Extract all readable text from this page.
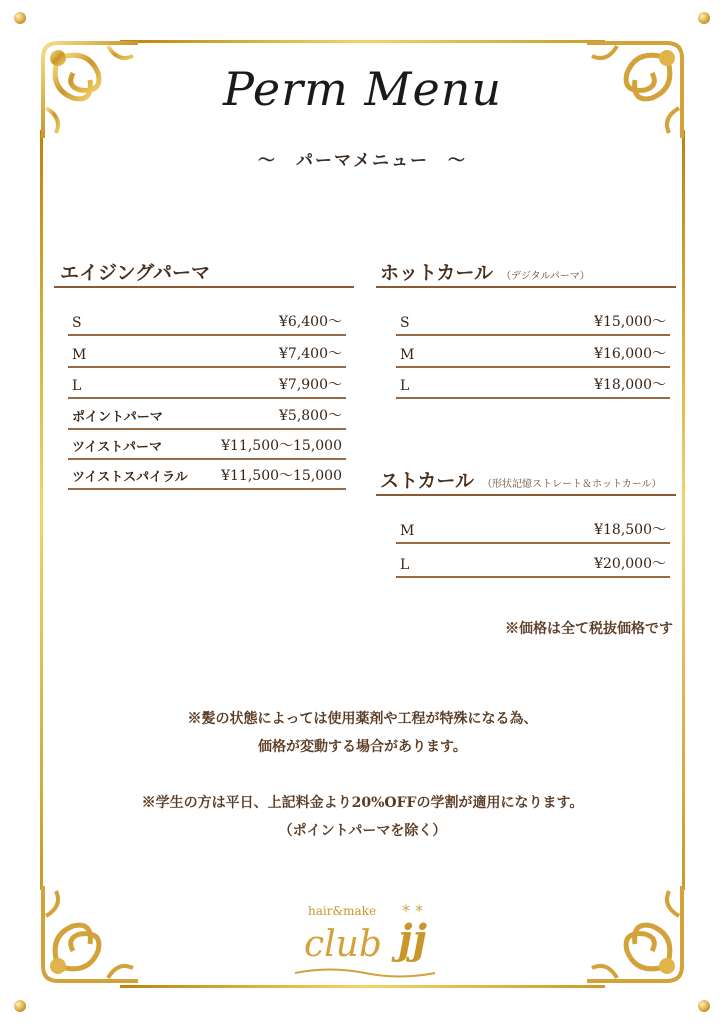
Perm Menu
～　パーマメニュー　～
エイジングパーマ
S	¥6,400～
M	¥7,400～
L	¥7,900～
ポイントパーマ	¥5,800～
ツイストパーマ	¥11,500～15,000
ツイストスパイラル ¥11,500～15,000
ホットカール （デジタルパーマ）
S	¥15,000～
M	¥16,000～
L	¥18,000～
ストカール （形状記憶ストレート＆ホットカール）
M	¥18,500～
L	¥20,000～
※価格は全て税抜価格です
※髪の状態によっては使用薬剤や工程が特殊になる為、
価格が変動する場合があります。
※学生の方は平日、上記料金より20%OFFの学割が適用になります。
（ポイントパーマを除く）
hair&make
club jj
* *
